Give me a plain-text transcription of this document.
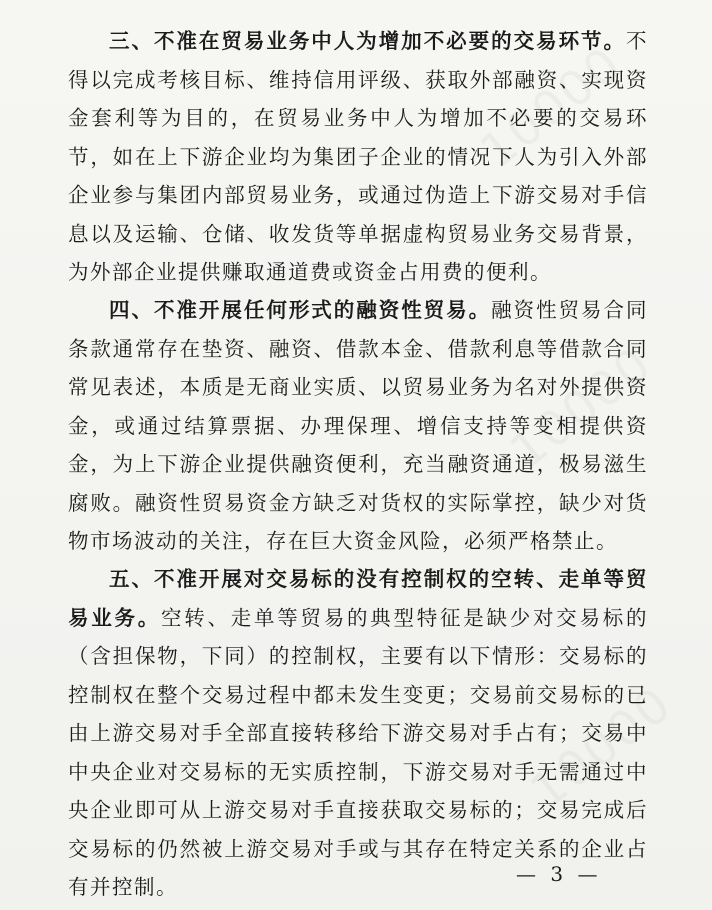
三、不准在贸易业务中人为增加不必要的交易环节。不得以完成考核目标、维持信用评级、获取外部融资、实现资金套利等为目的，在贸易业务中人为增加不必要的交易环节，如在上下游企业均为集团子企业的情况下人为引入外部企业参与集团内部贸易业务，或通过伪造上下游交易对手信息以及运输、仓储、收发货等单据虚构贸易业务交易背景，为外部企业提供赚取通道费或资金占用费的便利。

四、不准开展任何形式的融资性贸易。融资性贸易合同条款通常存在垫资、融资、借款本金、借款利息等借款合同常见表述，本质是无商业实质、以贸易业务为名对外提供资金，或通过结算票据、办理保理、增信支持等变相提供资金，为上下游企业提供融资便利，充当融资通道，极易滋生腐败。融资性贸易资金方缺乏对货权的实际掌控，缺少对货物市场波动的关注，存在巨大资金风险，必须严格禁止。

五、不准开展对交易标的没有控制权的空转、走单等贸易业务。空转、走单等贸易的典型特征是缺少对交易标的（含担保物，下同）的控制权，主要有以下情形：交易标的控制权在整个交易过程中都未发生变更；交易前交易标的已由上游交易对手全部直接转移给下游交易对手占有；交易中中央企业对交易标的无实质控制，下游交易对手无需通过中央企业即可从上游交易对手直接获取交易标的；交易完成后交易标的仍然被上游交易对手或与其存在特定关系的企业占有并控制。

— 3 —
